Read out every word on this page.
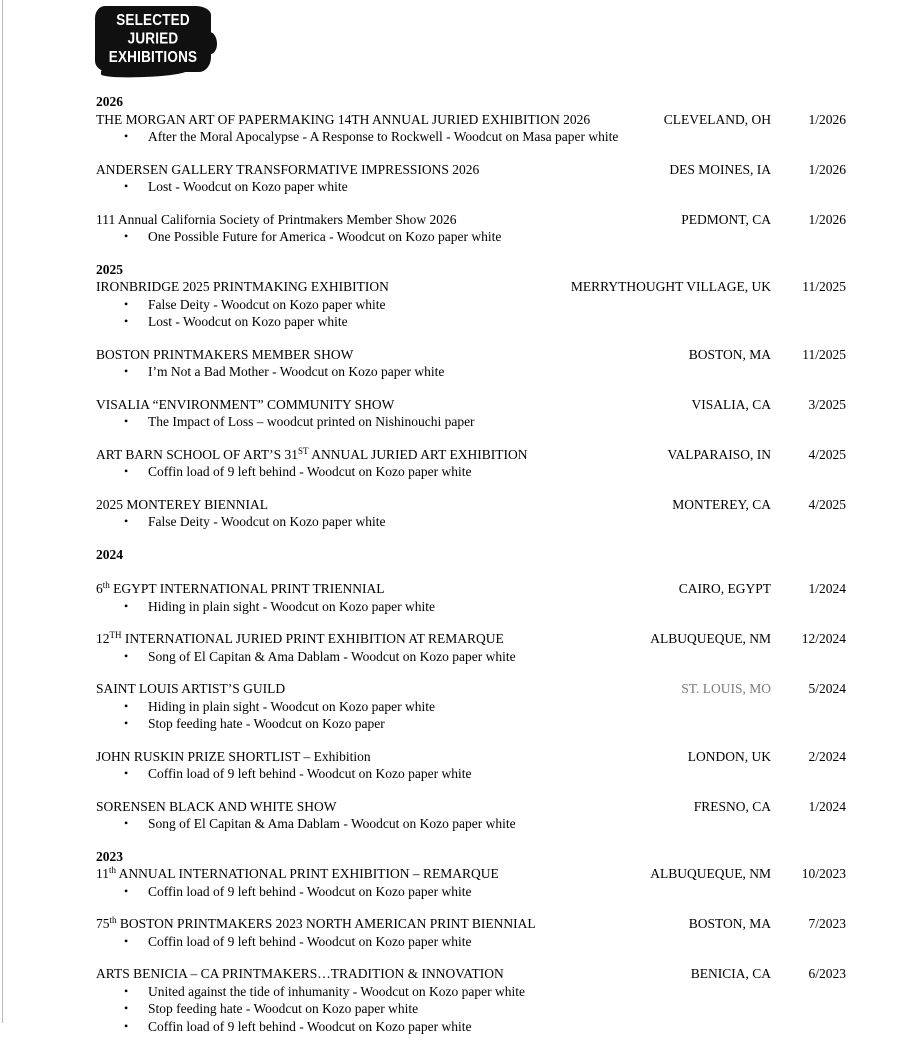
SELECTED JURIED
EXHIBITIONS
2026
THE MORGAN ART OF PAPERMAKING 14TH ANNUAL JURIED EXHIBITION 2026	CLEVELAND, OH	1/2026
•	After the Moral Apocalypse - A Response to Rockwell - Woodcut on Masa paper white
ANDERSEN GALLERY TRANSFORMATIVE IMPRESSIONS 2026	DES MOINES, IA	1/2026
•	Lost - Woodcut on Kozo paper white
111 Annual California Society of Printmakers Member Show 2026	PEDMONT, CA	1/2026
•	One Possible Future for America - Woodcut on Kozo paper white
2025
IRONBRIDGE 2025 PRINTMAKING EXHIBITION	MERRYTHOUGHT VILLAGE, UK	11/2025
•	False Deity - Woodcut on Kozo paper white
•	Lost - Woodcut on Kozo paper white
BOSTON PRINTMAKERS MEMBER SHOW	BOSTON, MA	11/2025
•	I’m Not a Bad Mother - Woodcut on Kozo paper white
VISALIA “ENVIRONMENT” COMMUNITY SHOW	VISALIA, CA	3/2025
•	The Impact of Loss – woodcut printed on Nishinouchi paper
ART BARN SCHOOL OF ART’S 31ST ANNUAL JURIED ART EXHIBITION	VALPARAISO, IN	4/2025
•	Coffin load of 9 left behind - Woodcut on Kozo paper white
2025 MONTEREY BIENNIAL	MONTEREY, CA	4/2025
•	False Deity - Woodcut on Kozo paper white
2024
6th EGYPT INTERNATIONAL PRINT TRIENNIAL	CAIRO, EGYPT	1/2024
•	Hiding in plain sight - Woodcut on Kozo paper white
12TH INTERNATIONAL JURIED PRINT EXHIBITION AT REMARQUE	ALBUQUEQUE, NM	12/2024
•	Song of El Capitan & Ama Dablam - Woodcut on Kozo paper white
SAINT LOUIS ARTIST’S GUILD	ST. LOUIS, MO	5/2024
•	Hiding in plain sight - Woodcut on Kozo paper white
•	Stop feeding hate - Woodcut on Kozo paper
JOHN RUSKIN PRIZE SHORTLIST – Exhibition	LONDON, UK	2/2024
•	Coffin load of 9 left behind - Woodcut on Kozo paper white
SORENSEN BLACK AND WHITE SHOW	FRESNO, CA	1/2024
•	Song of El Capitan & Ama Dablam - Woodcut on Kozo paper white
2023
11th ANNUAL INTERNATIONAL PRINT EXHIBITION – REMARQUE	ALBUQUEQUE, NM	10/2023
•	Coffin load of 9 left behind - Woodcut on Kozo paper white
75th BOSTON PRINTMAKERS 2023 NORTH AMERICAN PRINT BIENNIAL	BOSTON, MA	7/2023
•	Coffin load of 9 left behind - Woodcut on Kozo paper white
ARTS BENICIA – CA PRINTMAKERS…TRADITION & INNOVATION	BENICIA, CA	6/2023
•	United against the tide of inhumanity - Woodcut on Kozo paper white
•	Stop feeding hate - Woodcut on Kozo paper white
•	Coffin load of 9 left behind - Woodcut on Kozo paper white
